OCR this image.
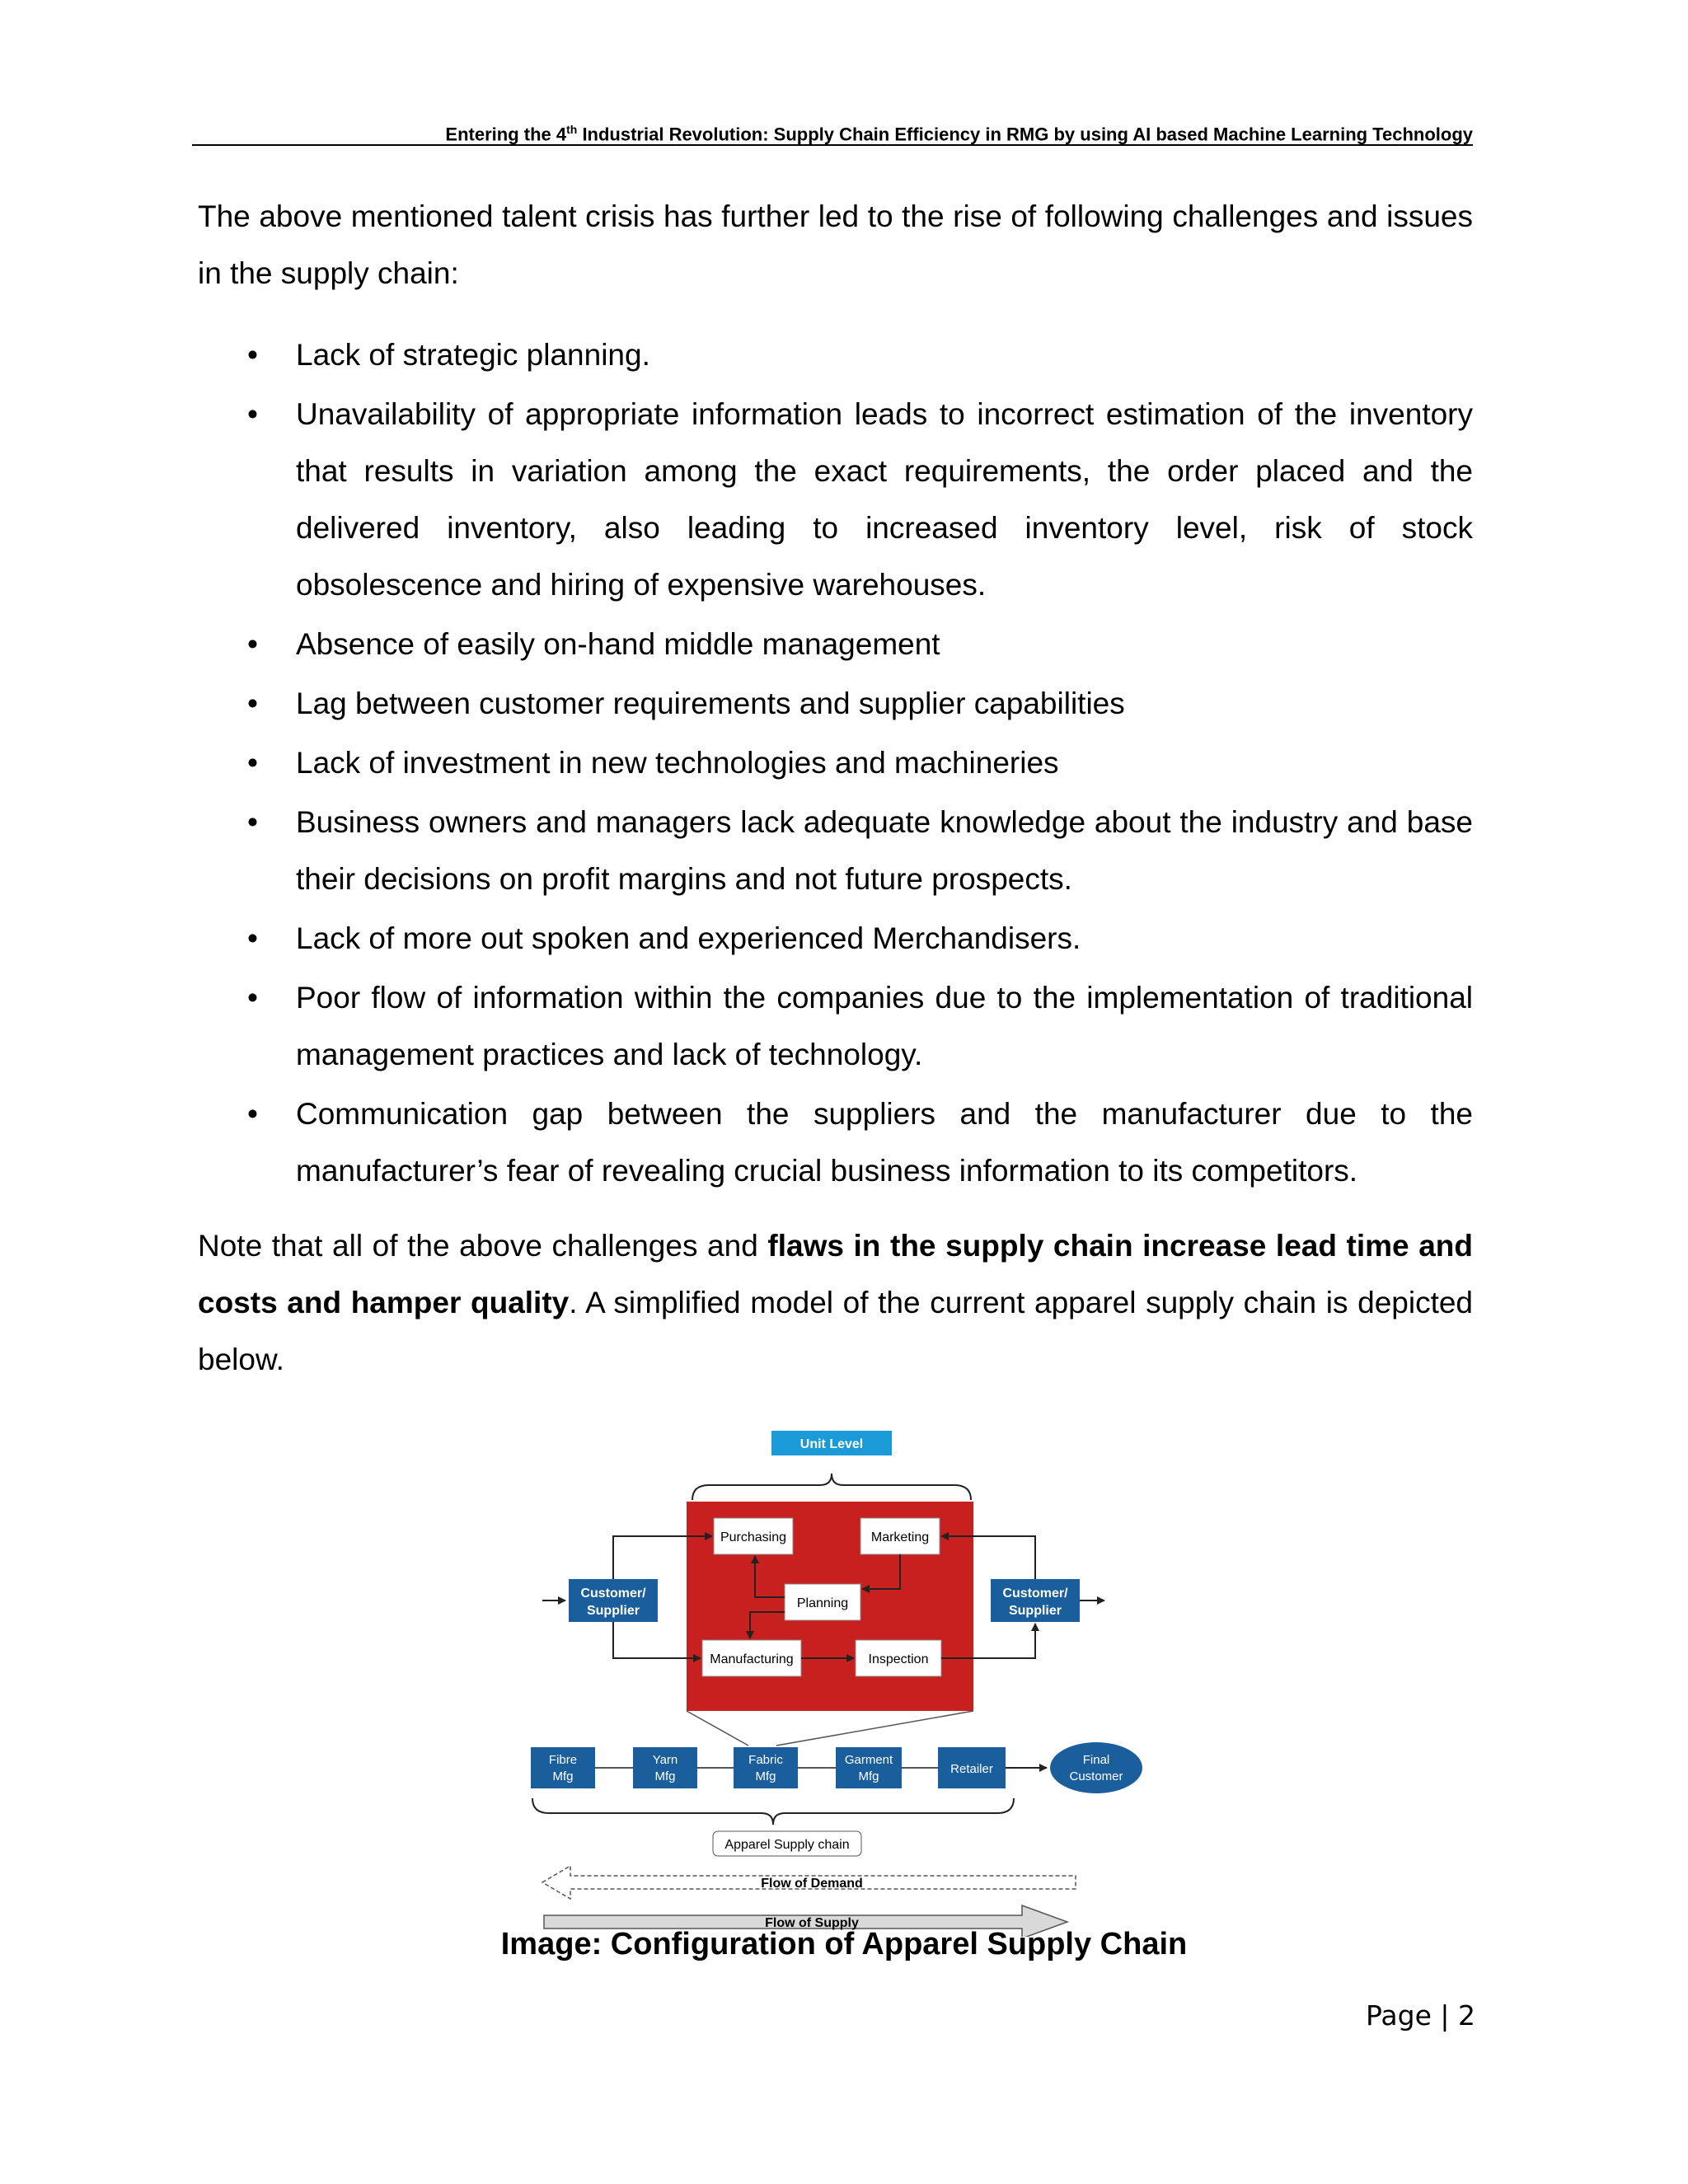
Entering the 4th Industrial Revolution: Supply Chain Efficiency in RMG by using AI based Machine Learning Technology
The above mentioned talent crisis has further led to the rise of following challenges and issues in the supply chain:
• Lack of strategic planning.
• Unavailability of appropriate information leads to incorrect estimation of the inventory that results in variation among the exact requirements, the order placed and the delivered inventory, also leading to increased inventory level, risk of stock obsolescence and hiring of expensive warehouses.
• Absence of easily on-hand middle management
• Lag between customer requirements and supplier capabilities
• Lack of investment in new technologies and machineries
• Business owners and managers lack adequate knowledge about the industry and base their decisions on profit margins and not future prospects.
• Lack of more out spoken and experienced Merchandisers.
• Poor flow of information within the companies due to the implementation of traditional management practices and lack of technology.
• Communication gap between the suppliers and the manufacturer due to the manufacturer’s fear of revealing crucial business information to its competitors.
Note that all of the above challenges and flaws in the supply chain increase lead time and costs and hamper quality. A simplified model of the current apparel supply chain is depicted below.
Unit Level
Purchasing	Marketing
Planning
Manufacturing	Inspection
Customer/
Supplier
Customer/
Supplier
Fibre
Mfg
Yarn
Mfg
Fabric
Mfg
Garment
Mfg
Retailer
Final
Customer
Apparel Supply chain
Flow of Demand
Flow of Supply
Image: Configuration of Apparel Supply Chain
Page | 2
